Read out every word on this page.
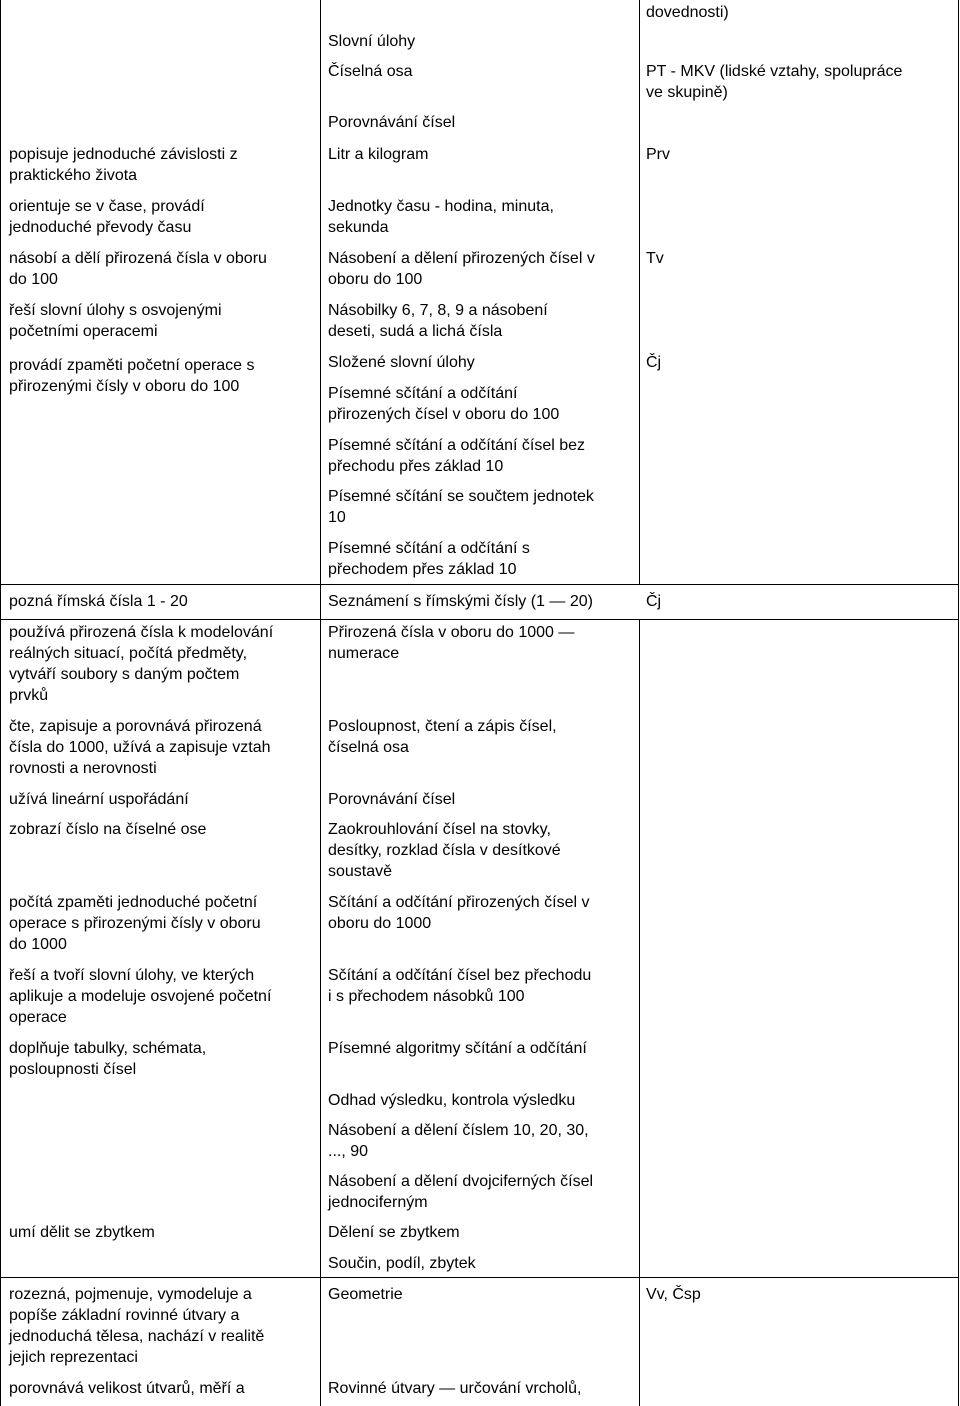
popisuje jednoduché závislosti z
praktického života
orientuje se v čase, provádí
jednoduché převody času
násobí a dělí přirozená čísla v oboru
do 100
řeší slovní úlohy s osvojenými
početními operacemi
provádí zpaměti početní operace s
přirozenými čísly v oboru do 100
pozná římská čísla 1 - 20
používá přirozená čísla k modelování
reálných situací, počítá předměty,
vytváří soubory s daným počtem
prvků
čte, zapisuje a porovnává přirozená
čísla do 1000, užívá a zapisuje vztah
rovnosti a nerovnosti
užívá lineární uspořádání
zobrazí číslo na číselné ose
počítá zpaměti jednoduché početní
operace s přirozenými čísly v oboru
do 1000
řeší a tvoří slovní úlohy, ve kterých
aplikuje a modeluje osvojené početní
operace
doplňuje tabulky, schémata,
posloupnosti čísel
umí dělit se zbytkem
rozezná, pojmenuje, vymodeluje a
popíše základní rovinné útvary a
jednoduchá tělesa, nachází v realitě
jejich reprezentaci
porovnává velikost útvarů, měří a
Slovní úlohy
Číselná osa
Porovnávání čísel
Litr a kilogram
Jednotky času - hodina, minuta,
sekunda
Násobení a dělení přirozených čísel v
oboru do 100
Násobilky 6, 7, 8, 9 a násobení
deseti, sudá a lichá čísla
Složené slovní úlohy
Písemné sčítání a odčítání
přirozených čísel v oboru do 100
Písemné sčítání a odčítání čísel bez
přechodu přes základ 10
Písemné sčítání se součtem jednotek
10
Písemné sčítání a odčítání s
přechodem přes základ 10
Seznámení s římskými čísly (1 ― 20)
Přirozená čísla v oboru do 1000 ―
numerace
Posloupnost, čtení a zápis čísel,
číselná osa
Porovnávání čísel
Zaokrouhlování čísel na stovky,
desítky, rozklad čísla v desítkové
soustavě
Sčítání a odčítání přirozených čísel v
oboru do 1000
Sčítání a odčítání čísel bez přechodu
i s přechodem násobků 100
Písemné algoritmy sčítání a odčítání
Odhad výsledku, kontrola výsledku
Násobení a dělení číslem 10, 20, 30,
..., 90
Násobení a dělení dvojciferných čísel
jednociferným
Dělení se zbytkem
Součin, podíl, zbytek
Geometrie
Rovinné útvary ― určování vrcholů,
dovednosti)
PT - MKV (lidské vztahy, spolupráce
ve skupině)
Prv
Tv
Čj
Čj
Vv, Čsp
